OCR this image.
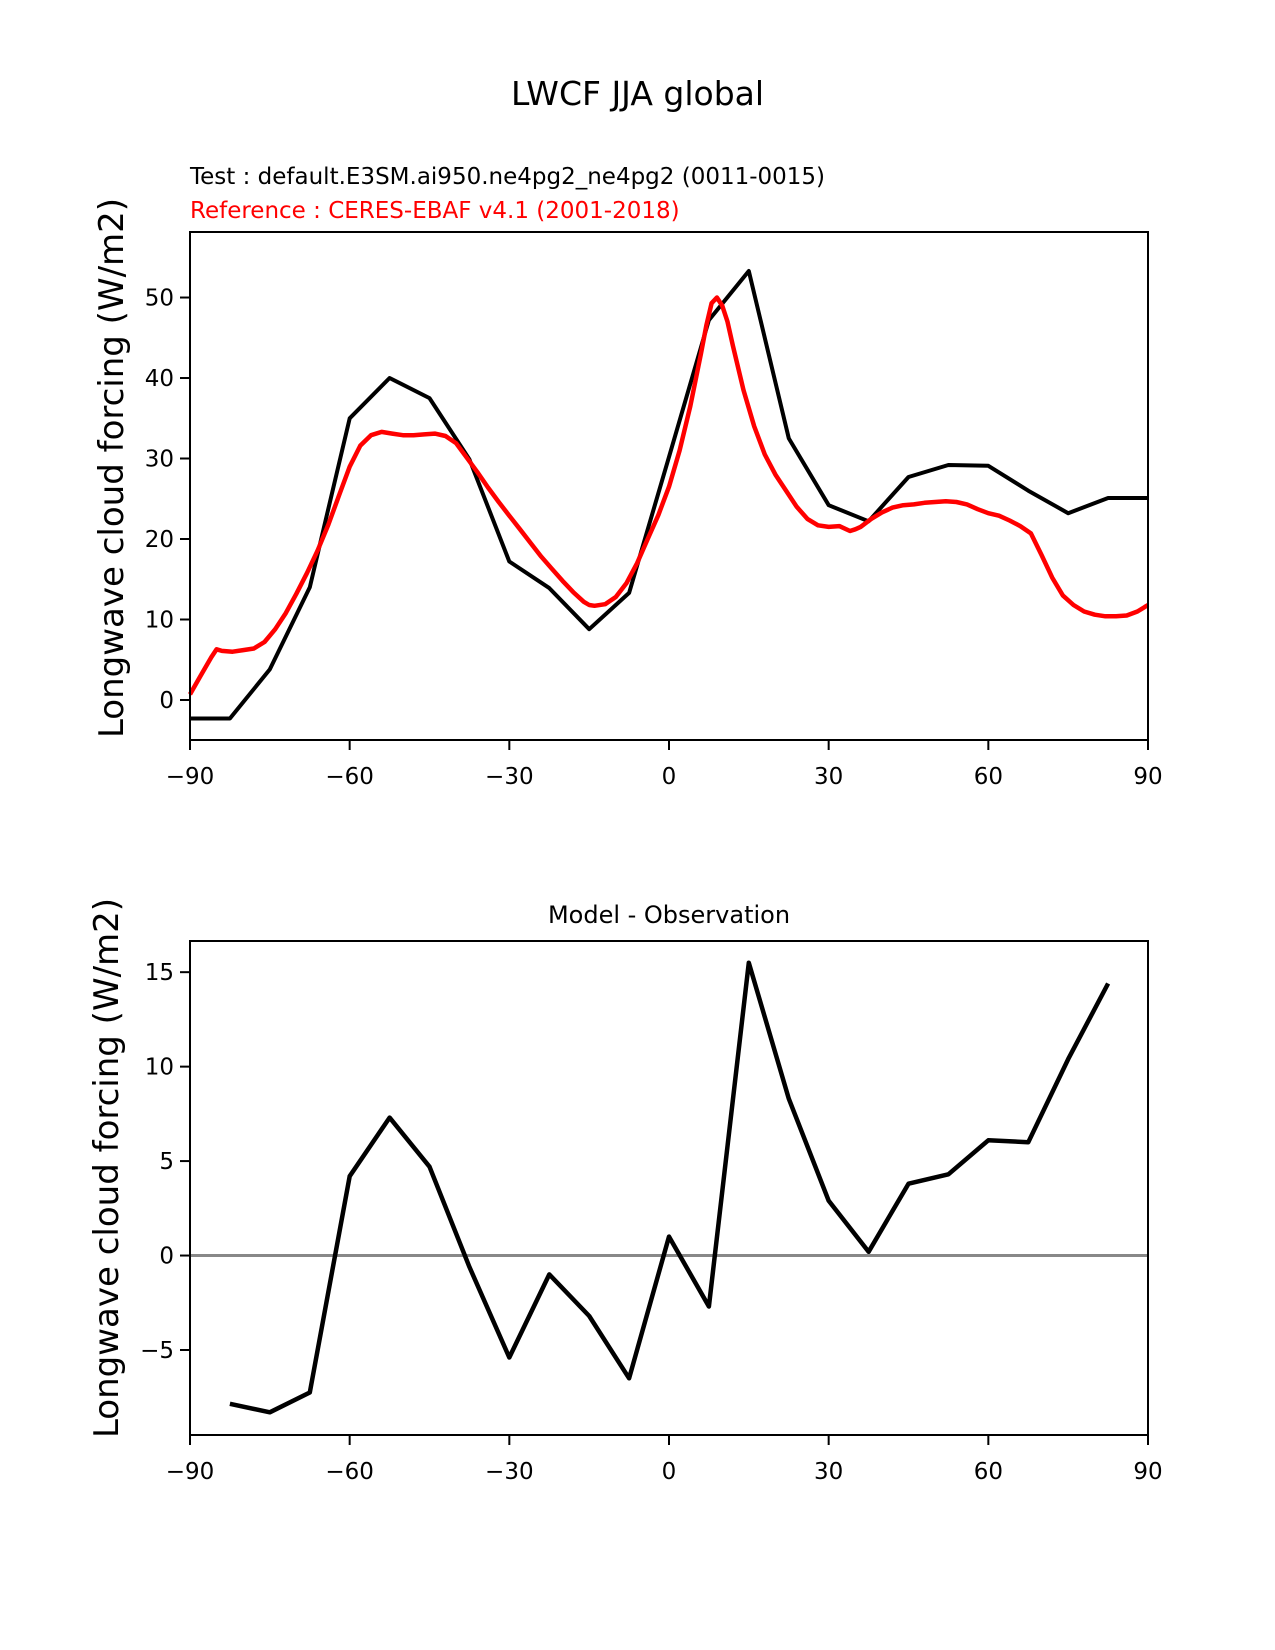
LWCF JJA global
Test : default.E3SM.ai950.ne4pg2_ne4pg2 (0011-0015)
Reference : CERES-EBAF v4.1 (2001-2018)
Model - Observation
Longwave cloud forcing (W/m2)
Longwave cloud forcing (W/m2)
−90	−60	−30	0	30	60	90
0
10
20
30
40
50
−90	−60	−30	0	30	60	90
−5
0
5
10
15
